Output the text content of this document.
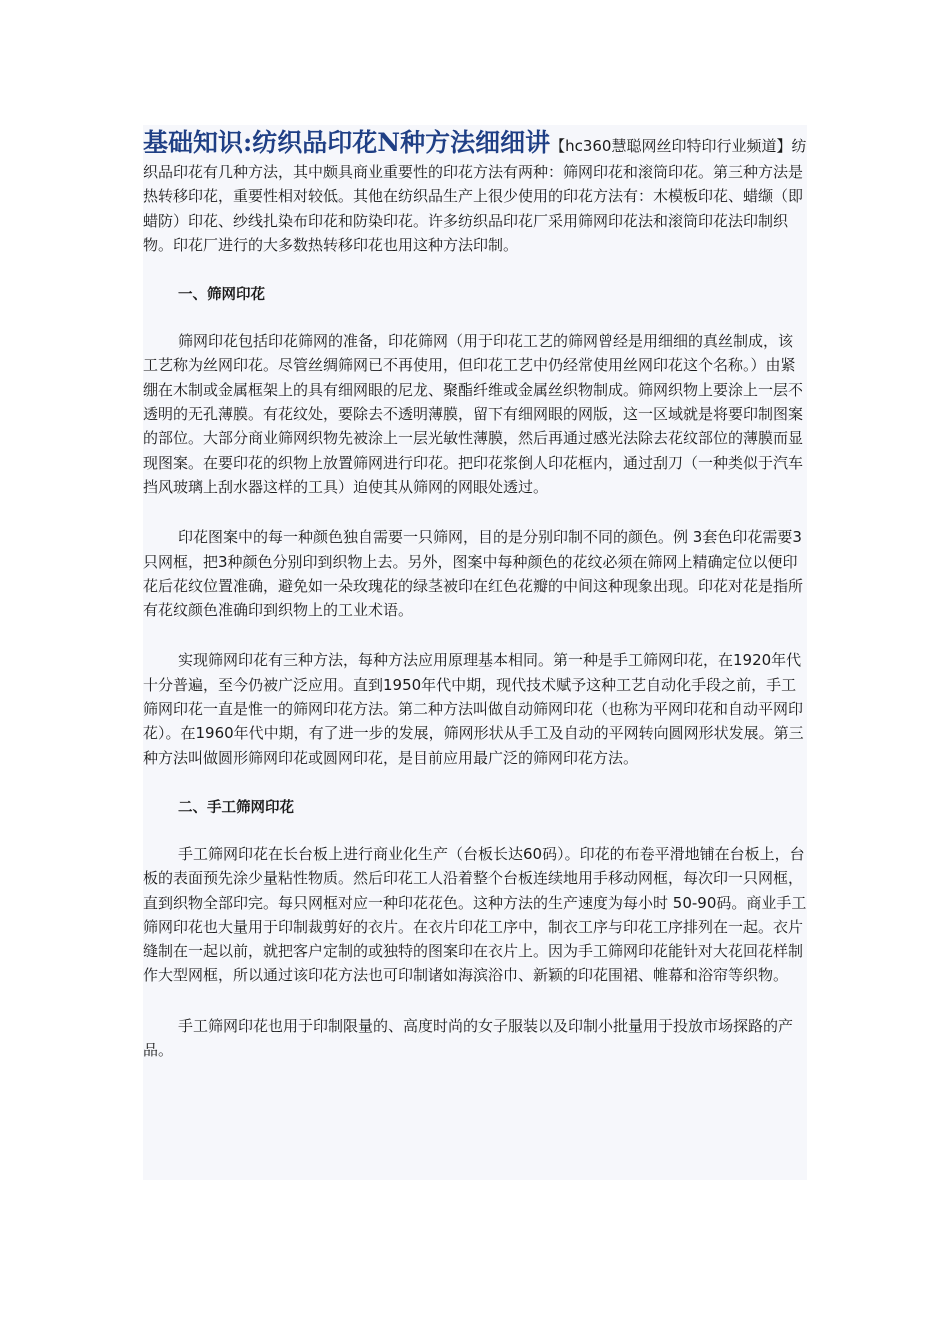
基础知识:纺织品印花N种方法细细讲【hc360慧聪网丝印特印行业频道】纺织品印花有几种方法，其中颇具商业重要性的印花方法有两种：筛网印花和滚筒印花。第三种方法是热转移印花，重要性相对较低。其他在纺织品生产上很少使用的印花方法有：木模板印花、蜡缬（即蜡防）印花、纱线扎染布印花和防染印花。许多纺织品印花厂采用筛网印花法和滚筒印花法印制织物。印花厂进行的大多数热转移印花也用这种方法印制。

一、筛网印花

筛网印花包括印花筛网的准备，印花筛网（用于印花工艺的筛网曾经是用细细的真丝制成，该工艺称为丝网印花。尽管丝绸筛网已不再使用，但印花工艺中仍经常使用丝网印花这个名称。）由紧绷在木制或金属框架上的具有细网眼的尼龙、聚酯纤维或金属丝织物制成。筛网织物上要涂上一层不透明的无孔薄膜。有花纹处，要除去不透明薄膜，留下有细网眼的网版，这一区域就是将要印制图案的部位。大部分商业筛网织物先被涂上一层光敏性薄膜，然后再通过感光法除去花纹部位的薄膜而显现图案。在要印花的织物上放置筛网进行印花。把印花浆倒人印花框内，通过刮刀（一种类似于汽车挡风玻璃上刮水器这样的工具）迫使其从筛网的网眼处透过。

印花图案中的每一种颜色独自需要一只筛网，目的是分别印制不同的颜色。例 3套色印花需要3只网框，把3种颜色分别印到织物上去。另外，图案中每种颜色的花纹必须在筛网上精确定位以便印花后花纹位置准确，避免如一朵玫瑰花的绿茎被印在红色花瓣的中间这种现象出现。印花对花是指所有花纹颜色准确印到织物上的工业术语。

实现筛网印花有三种方法，每种方法应用原理基本相同。第一种是手工筛网印花，在1920年代十分普遍，至今仍被广泛应用。直到1950年代中期，现代技术赋予这种工艺自动化手段之前，手工筛网印花一直是惟一的筛网印花方法。第二种方法叫做自动筛网印花（也称为平网印花和自动平网印花）。在1960年代中期，有了进一步的发展，筛网形状从手工及自动的平网转向圆网形状发展。第三种方法叫做圆形筛网印花或圆网印花，是目前应用最广泛的筛网印花方法。

二、手工筛网印花

手工筛网印花在长台板上进行商业化生产（台板长达60码）。印花的布卷平滑地铺在台板上，台板的表面预先涂少量粘性物质。然后印花工人沿着整个台板连续地用手移动网框，每次印一只网框，直到织物全部印完。每只网框对应一种印花花色。这种方法的生产速度为每小时 50-90码。商业手工筛网印花也大量用于印制裁剪好的衣片。在衣片印花工序中，制衣工序与印花工序排列在一起。衣片缝制在一起以前，就把客户定制的或独特的图案印在衣片上。因为手工筛网印花能针对大花回花样制作大型网框，所以通过该印花方法也可印制诸如海滨浴巾、新颖的印花围裙、帷幕和浴帘等织物。

手工筛网印花也用于印制限量的、高度时尚的女子服装以及印制小批量用于投放市场探路的产品。
